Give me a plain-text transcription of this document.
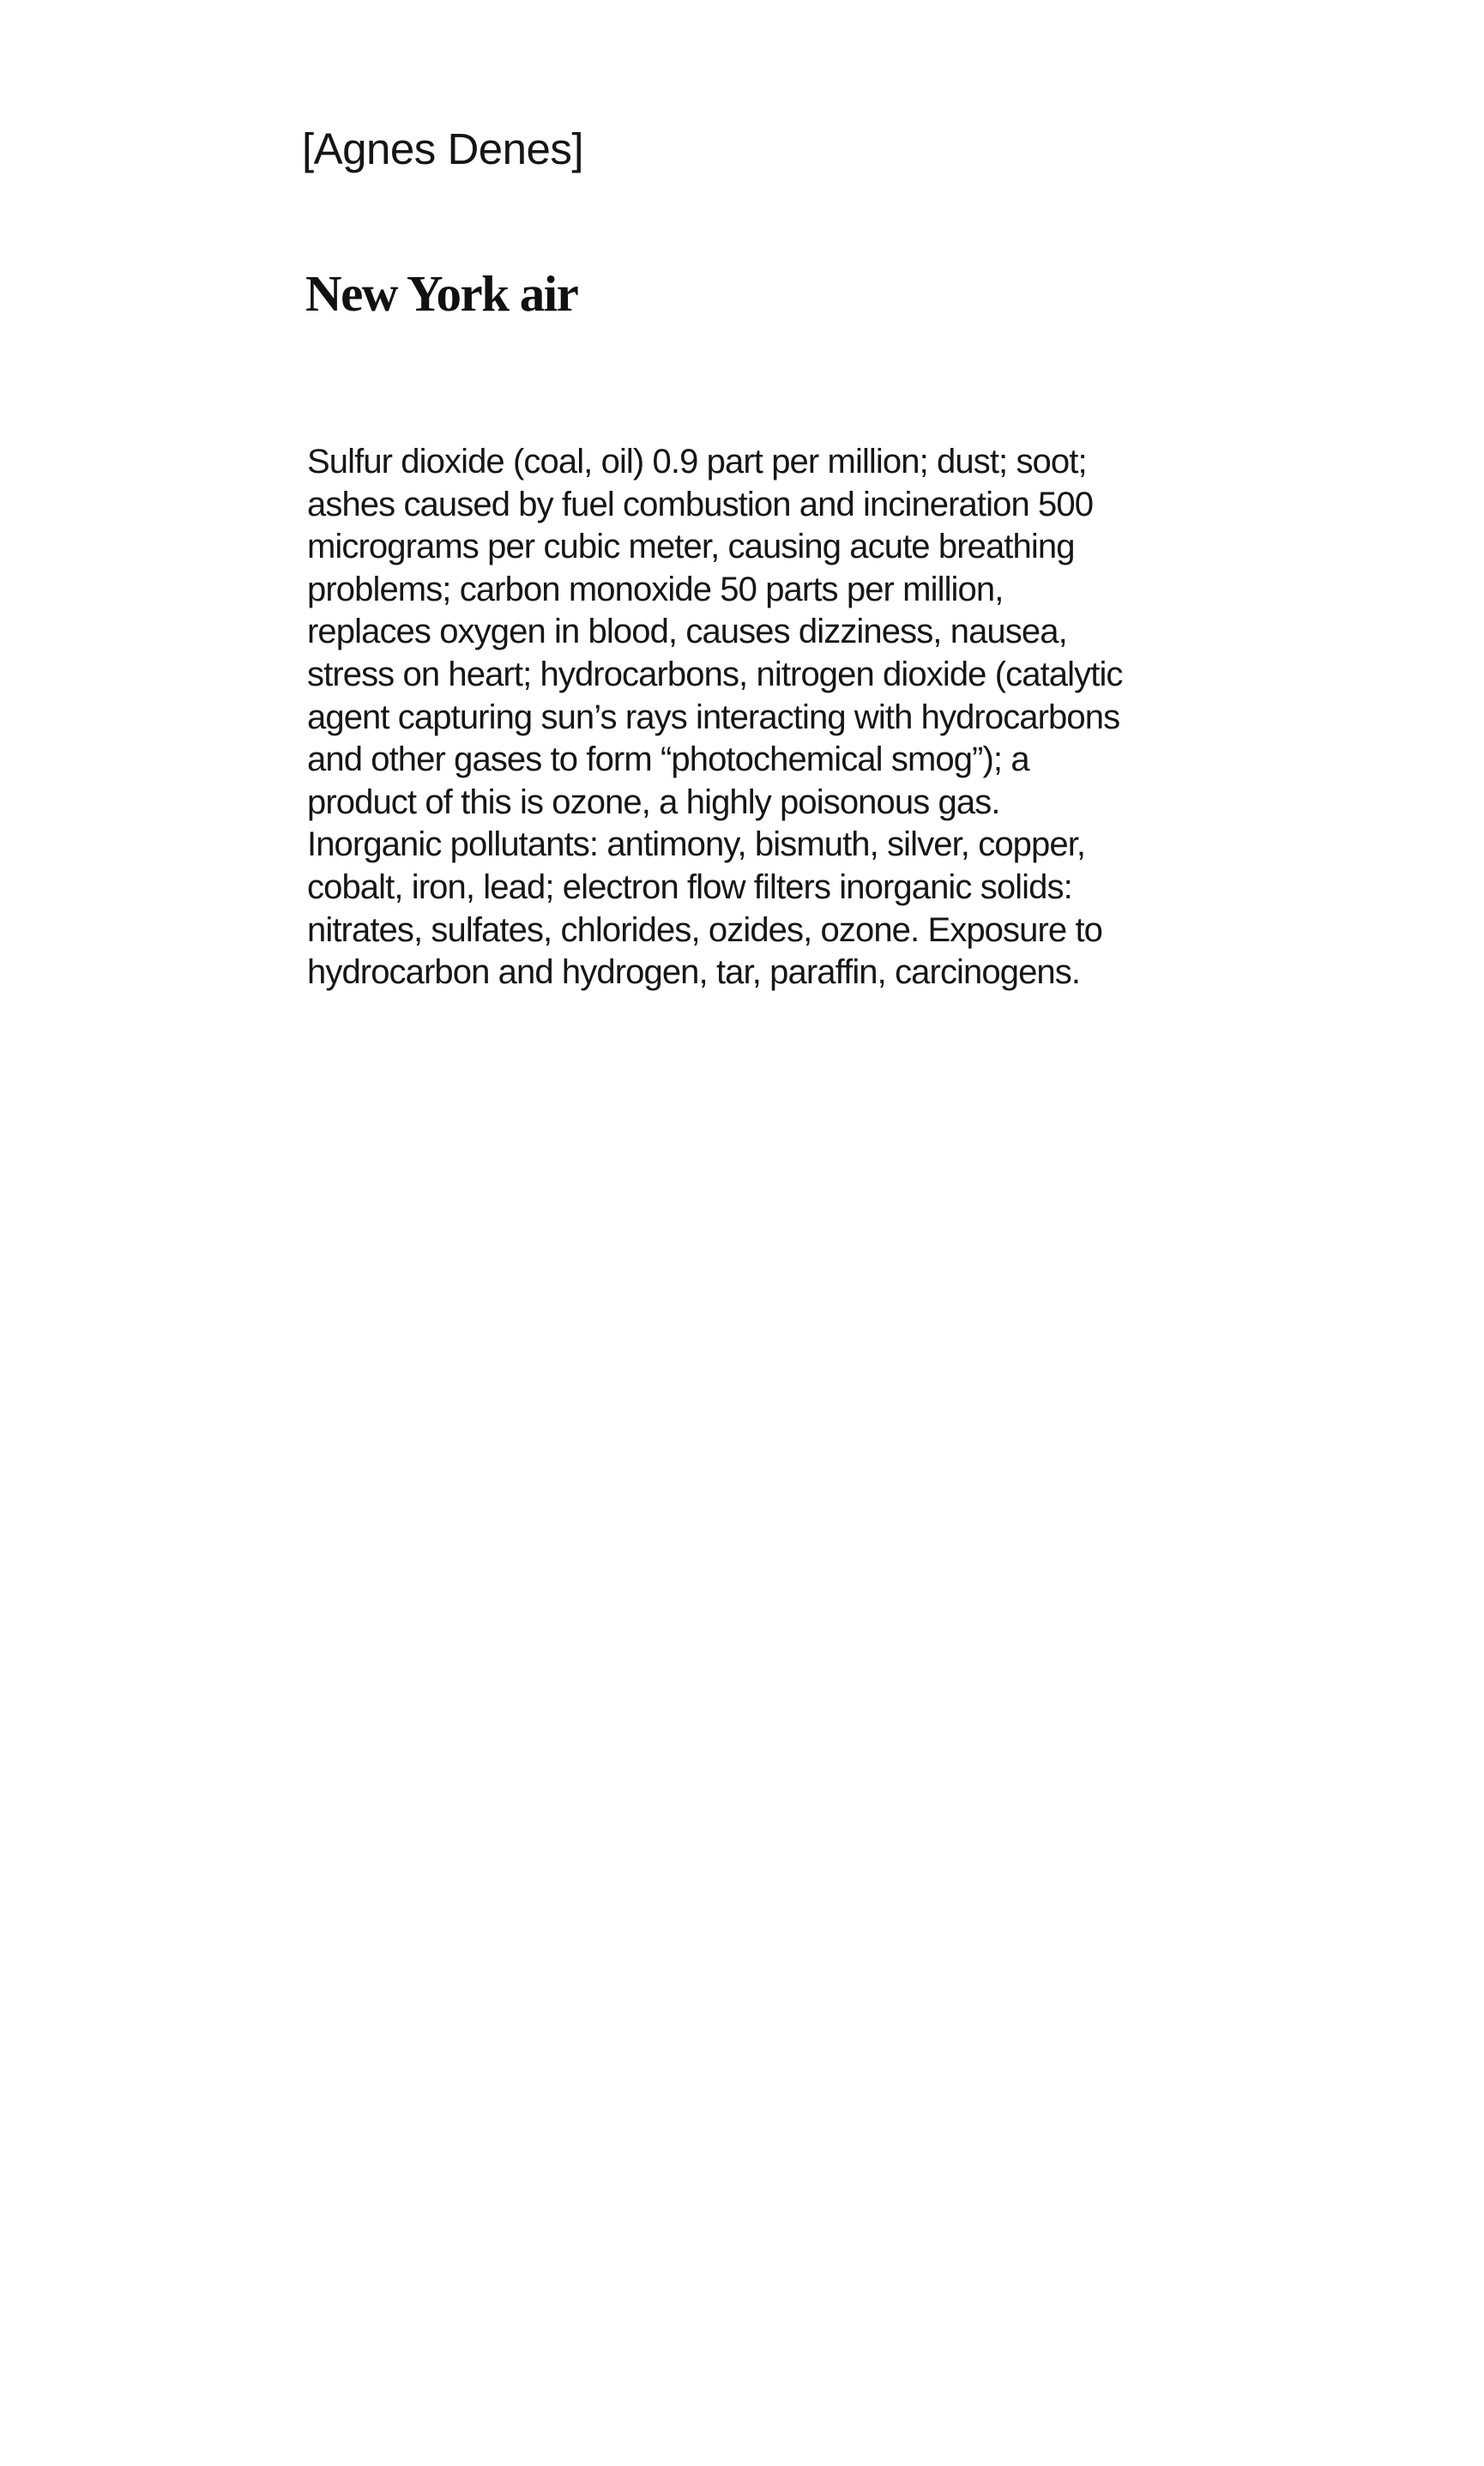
[Agnes Denes]
New York air
Sulfur dioxide (coal, oil) 0.9 part per million; dust; soot;
ashes caused by fuel combustion and incineration 500
micrograms per cubic meter, causing acute breathing
problems; carbon monoxide 50 parts per million,
replaces oxygen in blood, causes dizziness, nausea,
stress on heart; hydrocarbons, nitrogen dioxide (catalytic
agent capturing sun’s rays interacting with hydrocarbons
and other gases to form “photochemical smog”); a
product of this is ozone, a highly poisonous gas.
Inorganic pollutants: antimony, bismuth, silver, copper,
cobalt, iron, lead; electron flow filters inorganic solids:
nitrates, sulfates, chlorides, ozides, ozone. Exposure to
hydrocarbon and hydrogen, tar, paraffin, carcinogens.
